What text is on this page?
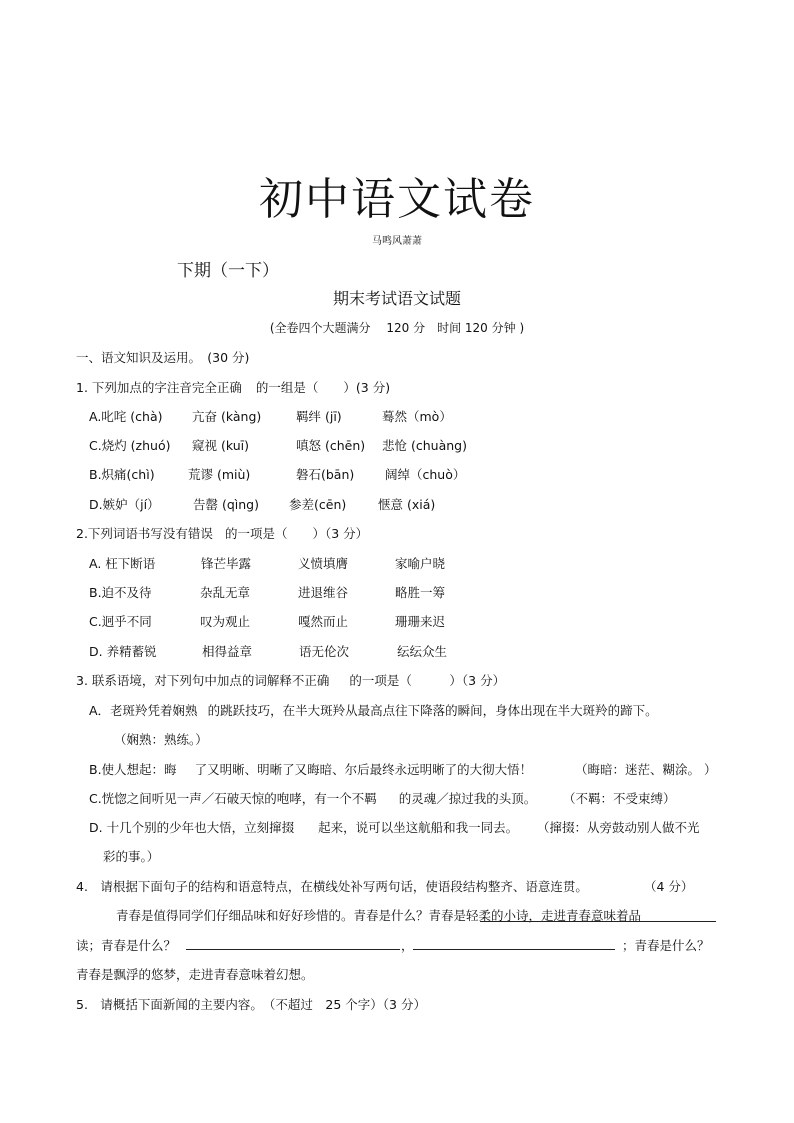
初中语文试卷
马鸣风萧萧
下期（一下）
期末考试语文试题
(全卷四个大题满分　 120 分　时间 120 分钟 )
一、语文知识及运用。　(30 分)
1. 下列加点的字注音完全正确 的一组是（　　）(3 分)
A.叱咤 (chà) 亢奋 (kàng)	羁绊 (jī)	蓦然（mò）
C.烧灼 (zhuó) 窥视 (kuī)	嗔怒 (chēn) 悲怆 (chuàng)
B.炽痛(chì)	荒谬 (miù)	磐石(bān) 阔绰（chuò）
D.嫉妒（jí）	告罄 (qìng) 参差(cēn)	惬意 (xiá)
2.下列词语书写没有错误 的一项是（　　）（3 分）
A. 枉下断语	锋芒毕露	义愤填膺	家喻户晓
B.迫不及待	杂乱无章	进退维谷	略胜一筹
C.迥乎不同	叹为观止	嘎然而止	珊珊来迟
D. 养精蓄锐	相得益章	语无伦次	纭纭众生
3. 联系语境，对下列句中加点的词解释不正确 的一项是（　　　）（3 分）
A．老斑羚凭着娴熟 的跳跃技巧，在半大斑羚从最高点往下降落的瞬间，身体出现在半大斑羚的蹄下。
（娴熟：熟练。）
B.使人想起：晦 了又明晰、明晰了又晦暗、尔后最终永远明晰了的大彻大悟！	（晦暗：迷茫、糊涂。 ）
C.恍惚之间听见一声／石破天惊的咆哮，有一个不羁 的灵魂／掠过我的头顶。 （不羁：不受束缚）
D. 十几个别的少年也大悟，立刻撺掇 起来，说可以坐这航船和我一同去。 （撺掇：从旁鼓动别人做不光
彩的事。）
4.　请根据下面句子的结构和语意特点，在横线处补写两句话，使语段结构整齐、语意连贯。	（4 分）
青春是值得同学们仔细品味和好好珍惜的。青春是什么？青春是轻柔的小诗，走进青春意味着品
读；青春是什么？	，	；青春是什么？
青春是飘浮的悠梦，走进青春意味着幻想。
5.　请概括下面新闻的主要内容。　（不超过　25 个字）（3 分）
